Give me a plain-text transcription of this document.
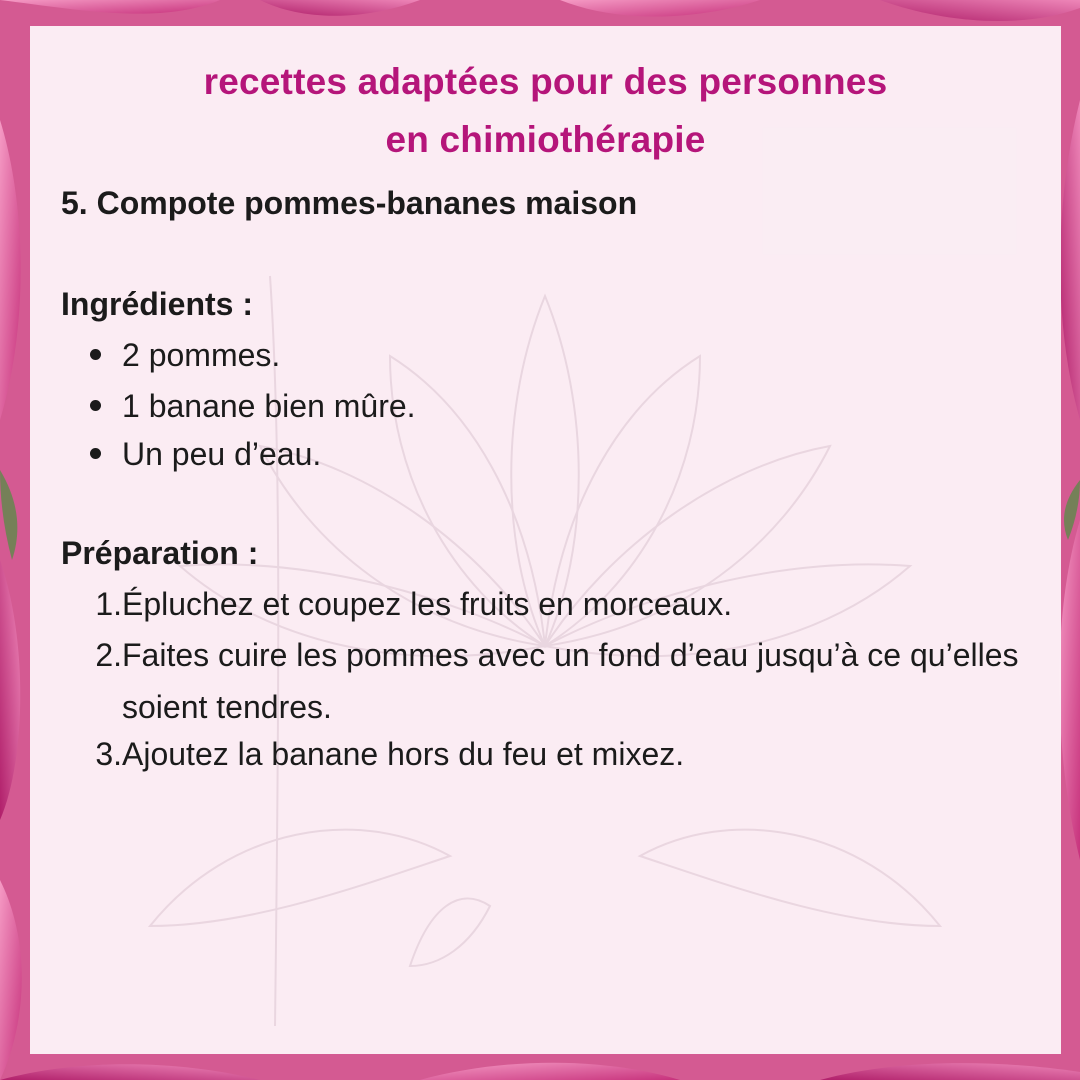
recettes adaptées pour des personnes
en chimiothérapie
5. Compote pommes-bananes maison
Ingrédients :
2 pommes.
1 banane bien mûre.
Un peu d’eau.
Préparation :
1. Épluchez et coupez les fruits en morceaux.
2. Faites cuire les pommes avec un fond d’eau jusqu’à ce qu’elles soient tendres.
3. Ajoutez la banane hors du feu et mixez.
